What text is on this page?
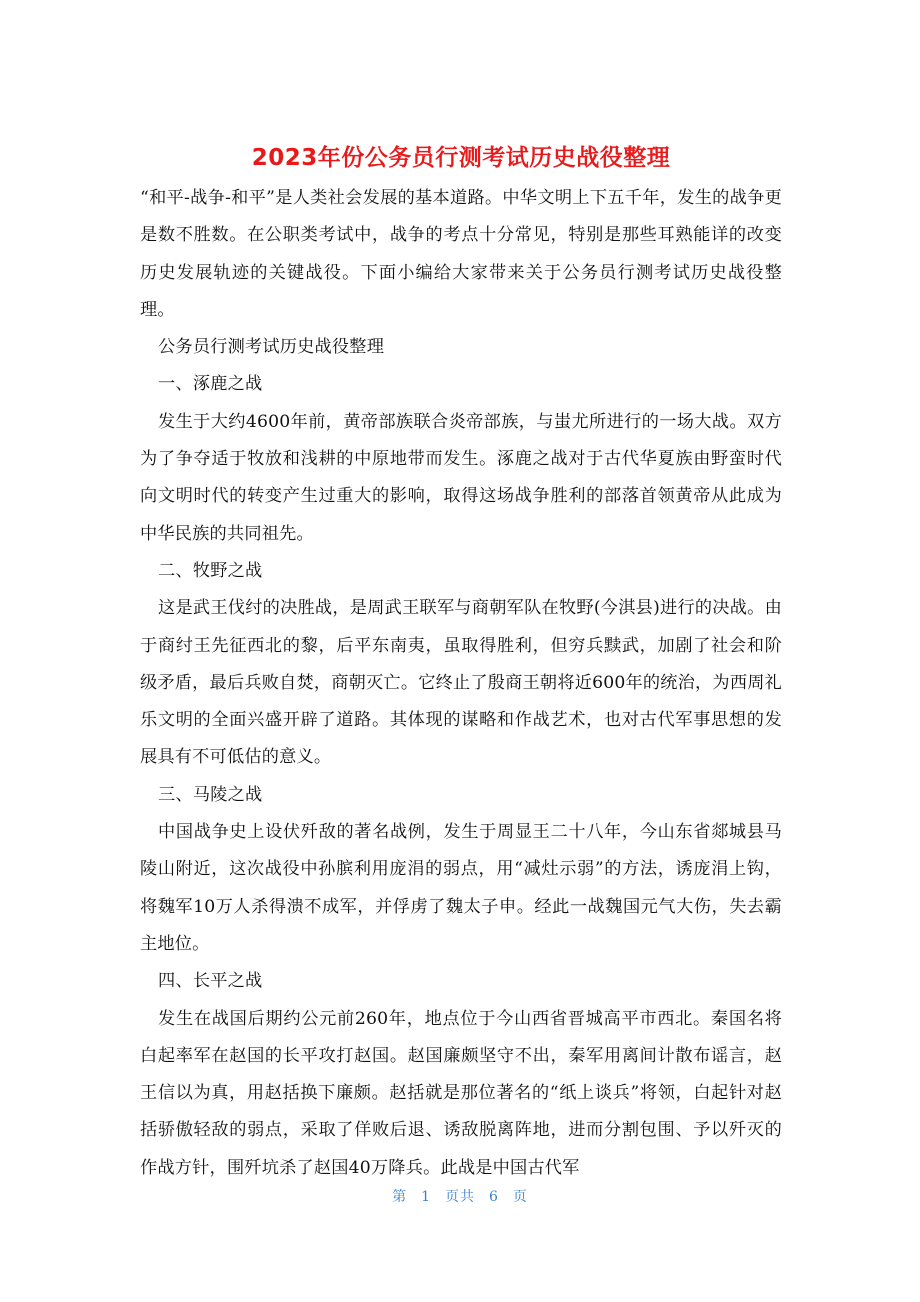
2023年份公务员行测考试历史战役整理

“和平-战争-和平”是人类社会发展的基本道路。中华文明上下五千年，发生的战争更是数不胜数。在公职类考试中，战争的考点十分常见，特别是那些耳熟能详的改变历史发展轨迹的关键战役。下面小编给大家带来关于公务员行测考试历史战役整理。

公务员行测考试历史战役整理

一、涿鹿之战

发生于大约4600年前，黄帝部族联合炎帝部族，与蚩尤所进行的一场大战。双方为了争夺适于牧放和浅耕的中原地带而发生。涿鹿之战对于古代华夏族由野蛮时代向文明时代的转变产生过重大的影响，取得这场战争胜利的部落首领黄帝从此成为中华民族的共同祖先。

二、牧野之战

这是武王伐纣的决胜战，是周武王联军与商朝军队在牧野(今淇县)进行的决战。由于商纣王先征西北的黎，后平东南夷，虽取得胜利，但穷兵黩武，加剧了社会和阶级矛盾，最后兵败自焚，商朝灭亡。它终止了殷商王朝将近600年的统治，为西周礼乐文明的全面兴盛开辟了道路。其体现的谋略和作战艺术，也对古代军事思想的发展具有不可低估的意义。

三、马陵之战

中国战争史上设伏歼敌的著名战例，发生于周显王二十八年，今山东省郯城县马陵山附近，这次战役中孙膑利用庞涓的弱点，用“减灶示弱”的方法，诱庞涓上钩，将魏军10万人杀得溃不成军，并俘虏了魏太子申。经此一战魏国元气大伤，失去霸主地位。

四、长平之战

发生在战国后期约公元前260年，地点位于今山西省晋城高平市西北。秦国名将白起率军在赵国的长平攻打赵国。赵国廉颇坚守不出，秦军用离间计散布谣言，赵王信以为真，用赵括换下廉颇。赵括就是那位著名的“纸上谈兵”将领，白起针对赵括骄傲轻敌的弱点，采取了佯败后退、诱敌脱离阵地，进而分割包围、予以歼灭的作战方针，围歼坑杀了赵国40万降兵。此战是中国古代军

第 1 页共 6 页
